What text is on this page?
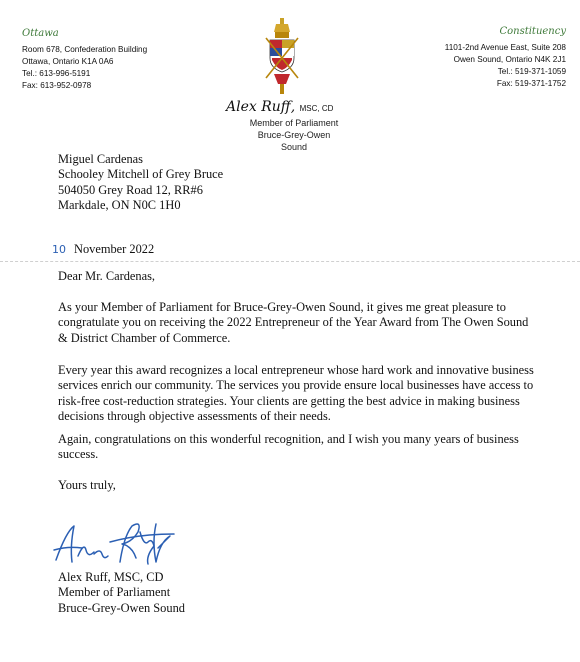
Ottawa
Room 678, Confederation Building
Ottawa, Ontario K1A 0A6
Tel.: 613-996-5191
Fax: 613-952-0978
Constituency
1101-2nd Avenue East, Suite 208
Owen Sound, Ontario N4K 2J1
Tel.: 519-371-1059
Fax: 519-371-1752
Alex Ruff, MSC, CD
Member of Parliament
Bruce-Grey-Owen Sound
Miguel Cardenas
Schooley Mitchell of Grey Bruce
504050 Grey Road 12, RR#6
Markdale, ON N0C 1H0
10 November 2022
Dear Mr. Cardenas,
As your Member of Parliament for Bruce-Grey-Owen Sound, it gives me great pleasure to congratulate you on receiving the 2022 Entrepreneur of the Year Award from The Owen Sound & District Chamber of Commerce.
Every year this award recognizes a local entrepreneur whose hard work and innovative business services enrich our community. The services you provide ensure local businesses have access to risk-free cost-reduction strategies. Your clients are getting the best advice in making business decisions through objective assessments of their needs.
Again, congratulations on this wonderful recognition, and I wish you many years of business success.
Yours truly,
Alex Ruff, MSC, CD
Member of Parliament
Bruce-Grey-Owen Sound
